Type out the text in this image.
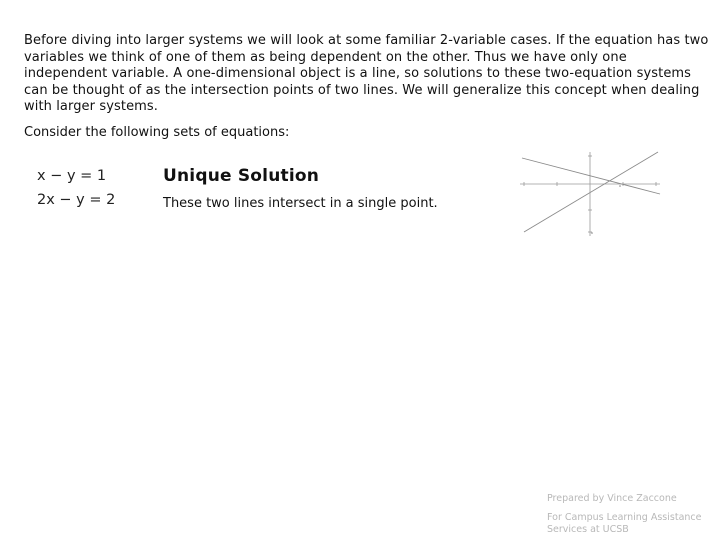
Before diving into larger systems we will look at some familiar 2-variable cases. If the equation has two variables we think of one of them as being dependent on the other. Thus we have only one independent variable. A one-dimensional object is a line, so solutions to these two-equation systems can be thought of as the intersection points of two lines. We will generalize this concept when dealing with larger systems.

Consider the following sets of equations:

x − y = 1
2x − y = 2
Unique Solution

These two lines intersect in a single point.

Prepared by Vince Zaccone
For Campus Learning Assistance Services at UCSB
